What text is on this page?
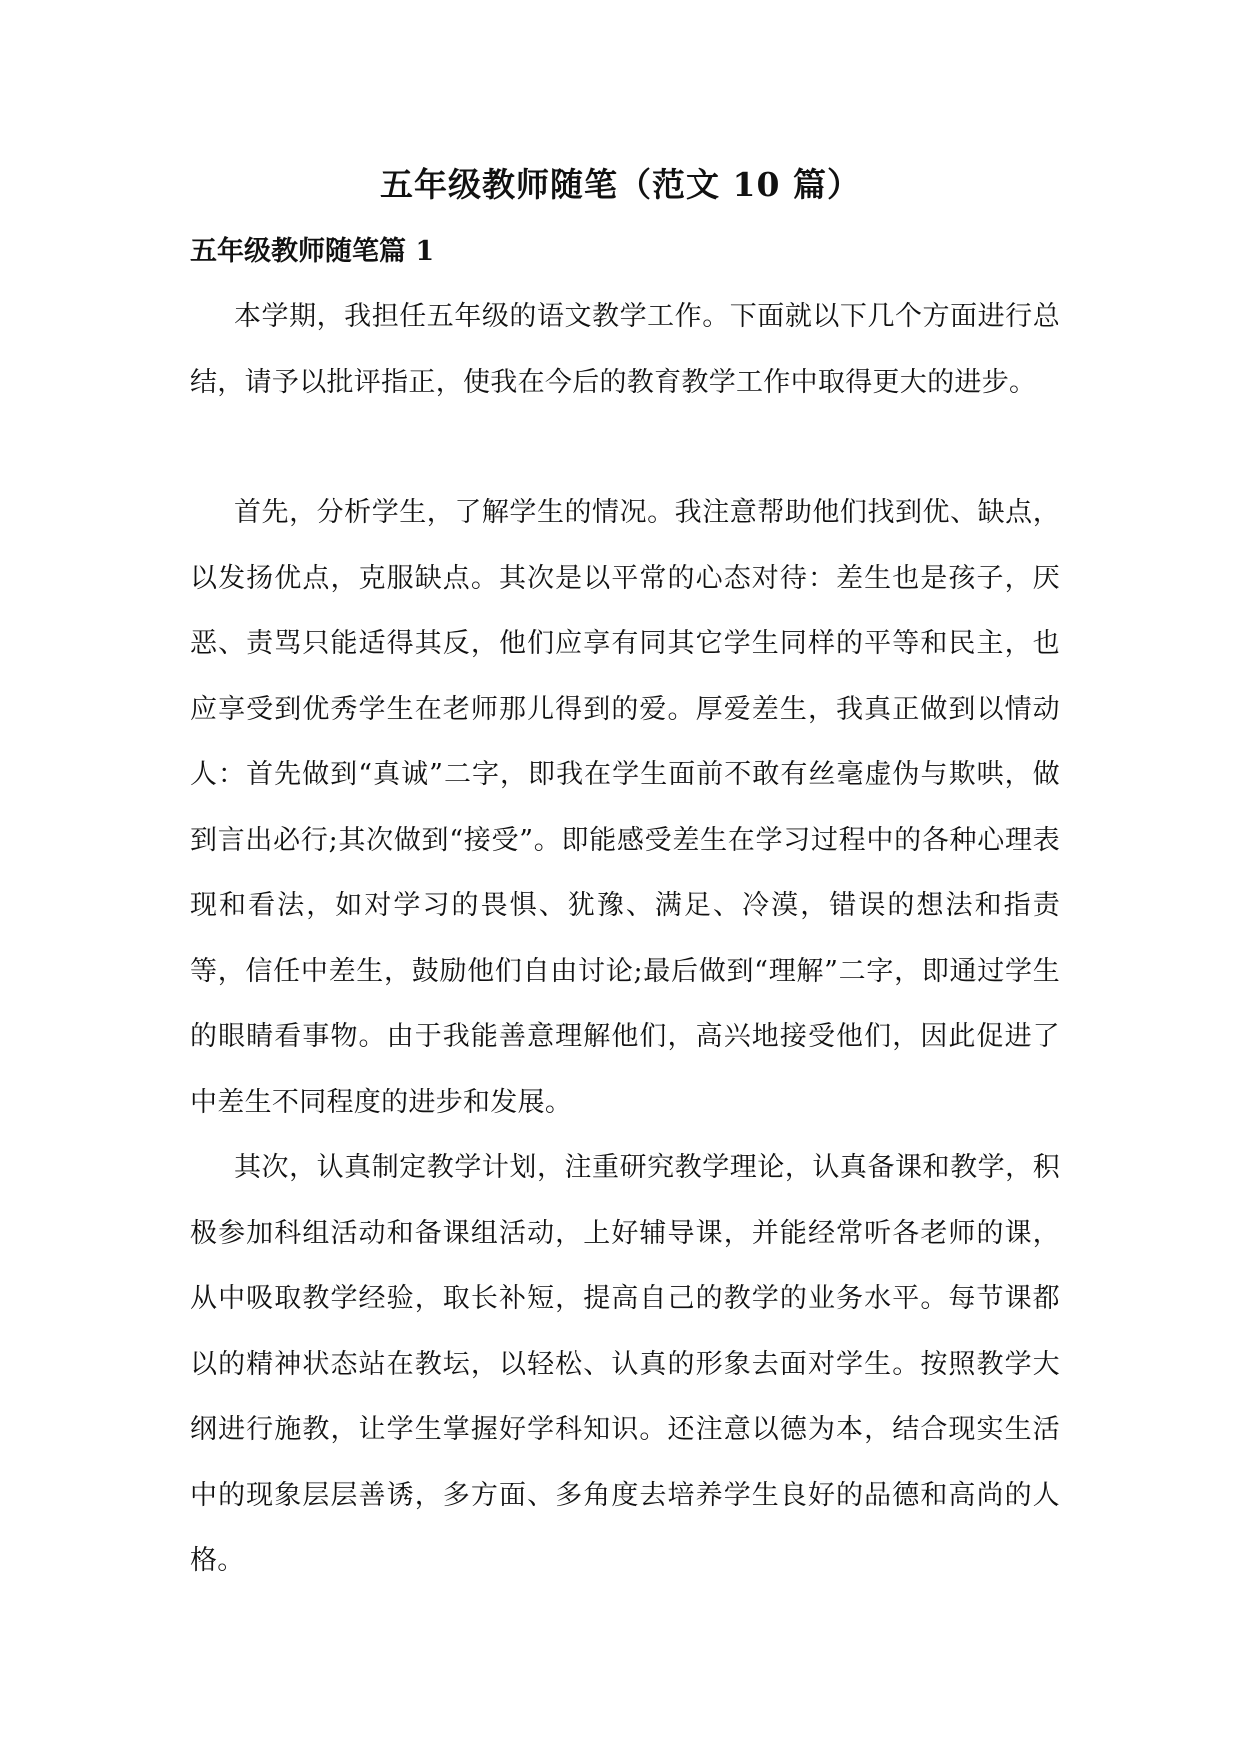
五年级教师随笔（范文 10 篇）
五年级教师随笔篇 1

本学期，我担任五年级的语文教学工作。下面就以下几个方面进行总结，请予以批评指正，使我在今后的教育教学工作中取得更大的进步。

首先，分析学生，了解学生的情况。我注意帮助他们找到优、缺点，以发扬优点，克服缺点。其次是以平常的心态对待：差生也是孩子，厌恶、责骂只能适得其反，他们应享有同其它学生同样的平等和民主，也应享受到优秀学生在老师那儿得到的爱。厚爱差生，我真正做到以情动人：首先做到“真诚”二字，即我在学生面前不敢有丝毫虚伪与欺哄，做到言出必行;其次做到“接受”。即能感受差生在学习过程中的各种心理表现和看法，如对学习的畏惧、犹豫、满足、冷漠，错误的想法和指责等，信任中差生，鼓励他们自由讨论;最后做到“理解”二字，即通过学生的眼睛看事物。由于我能善意理解他们，高兴地接受他们，因此促进了中差生不同程度的进步和发展。

其次，认真制定教学计划，注重研究教学理论，认真备课和教学，积极参加科组活动和备课组活动，上好辅导课，并能经常听各老师的课，从中吸取教学经验，取长补短，提高自己的教学的业务水平。每节课都以的精神状态站在教坛，以轻松、认真的形象去面对学生。按照教学大纲进行施教，让学生掌握好学科知识。还注意以德为本，结合现实生活中的现象层层善诱，多方面、多角度去培养学生良好的品德和高尚的人格。
